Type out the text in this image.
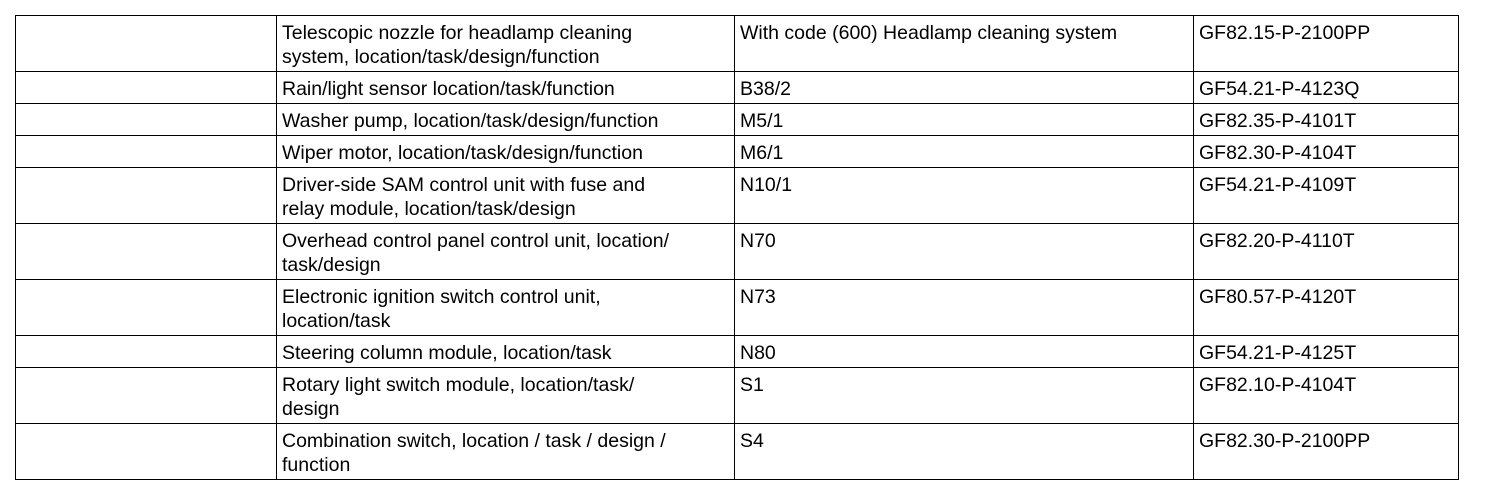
	Telescopic nozzle for headlamp cleaning
system, location/task/design/function	With code (600) Headlamp cleaning system	GF82.15-P-2100PP

	Rain/light sensor location/task/function	B38/2	GF54.21-P-4123Q

	Washer pump, location/task/design/function	M5/1	GF82.35-P-4101T

	Wiper motor, location/task/design/function	M6/1	GF82.30-P-4104T

	Driver-side SAM control unit with fuse and
relay module, location/task/design	N10/1	GF54.21-P-4109T

	Overhead control panel control unit, location/
task/design	N70	GF82.20-P-4110T

	Electronic ignition switch control unit,
location/task	N73	GF80.57-P-4120T

	Steering column module, location/task	N80	GF54.21-P-4125T

	Rotary light switch module, location/task/
design	S1	GF82.10-P-4104T

	Combination switch, location / task / design /
function	S4	GF82.30-P-2100PP
